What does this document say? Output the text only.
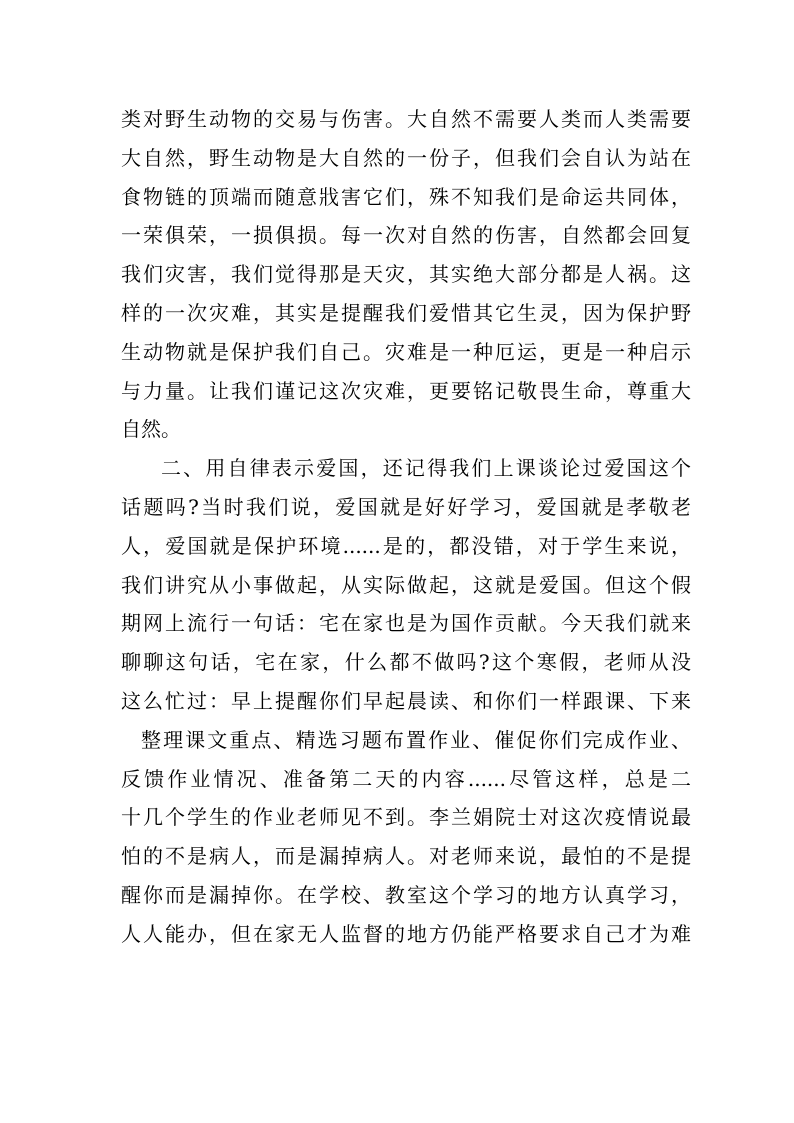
类对野生动物的交易与伤害。大自然不需要人类而人类需要
大自然，野生动物是大自然的一份子，但我们会自认为站在
食物链的顶端而随意戕害它们，殊不知我们是命运共同体，
一荣俱荣，一损俱损。每一次对自然的伤害，自然都会回复
我们灾害，我们觉得那是天灾，其实绝大部分都是人祸。这
样的一次灾难，其实是提醒我们爱惜其它生灵，因为保护野
生动物就是保护我们自己。灾难是一种厄运，更是一种启示
与力量。让我们谨记这次灾难，更要铭记敬畏生命，尊重大
自然。
二、用自律表示爱国，还记得我们上课谈论过爱国这个
话题吗?当时我们说，爱国就是好好学习，爱国就是孝敬老
人，爱国就是保护环境......是的，都没错，对于学生来说，
我们讲究从小事做起，从实际做起，这就是爱国。但这个假
期网上流行一句话：宅在家也是为国作贡献。今天我们就来
聊聊这句话，宅在家，什么都不做吗?这个寒假，老师从没
这么忙过：早上提醒你们早起晨读、和你们一样跟课、下来
整理课文重点、精选习题布置作业、催促你们完成作业、
反馈作业情况、准备第二天的内容......尽管这样，总是二
十几个学生的作业老师见不到。李兰娟院士对这次疫情说最
怕的不是病人，而是漏掉病人。对老师来说，最怕的不是提
醒你而是漏掉你。在学校、教室这个学习的地方认真学习，
人人能办，但在家无人监督的地方仍能严格要求自己才为难
